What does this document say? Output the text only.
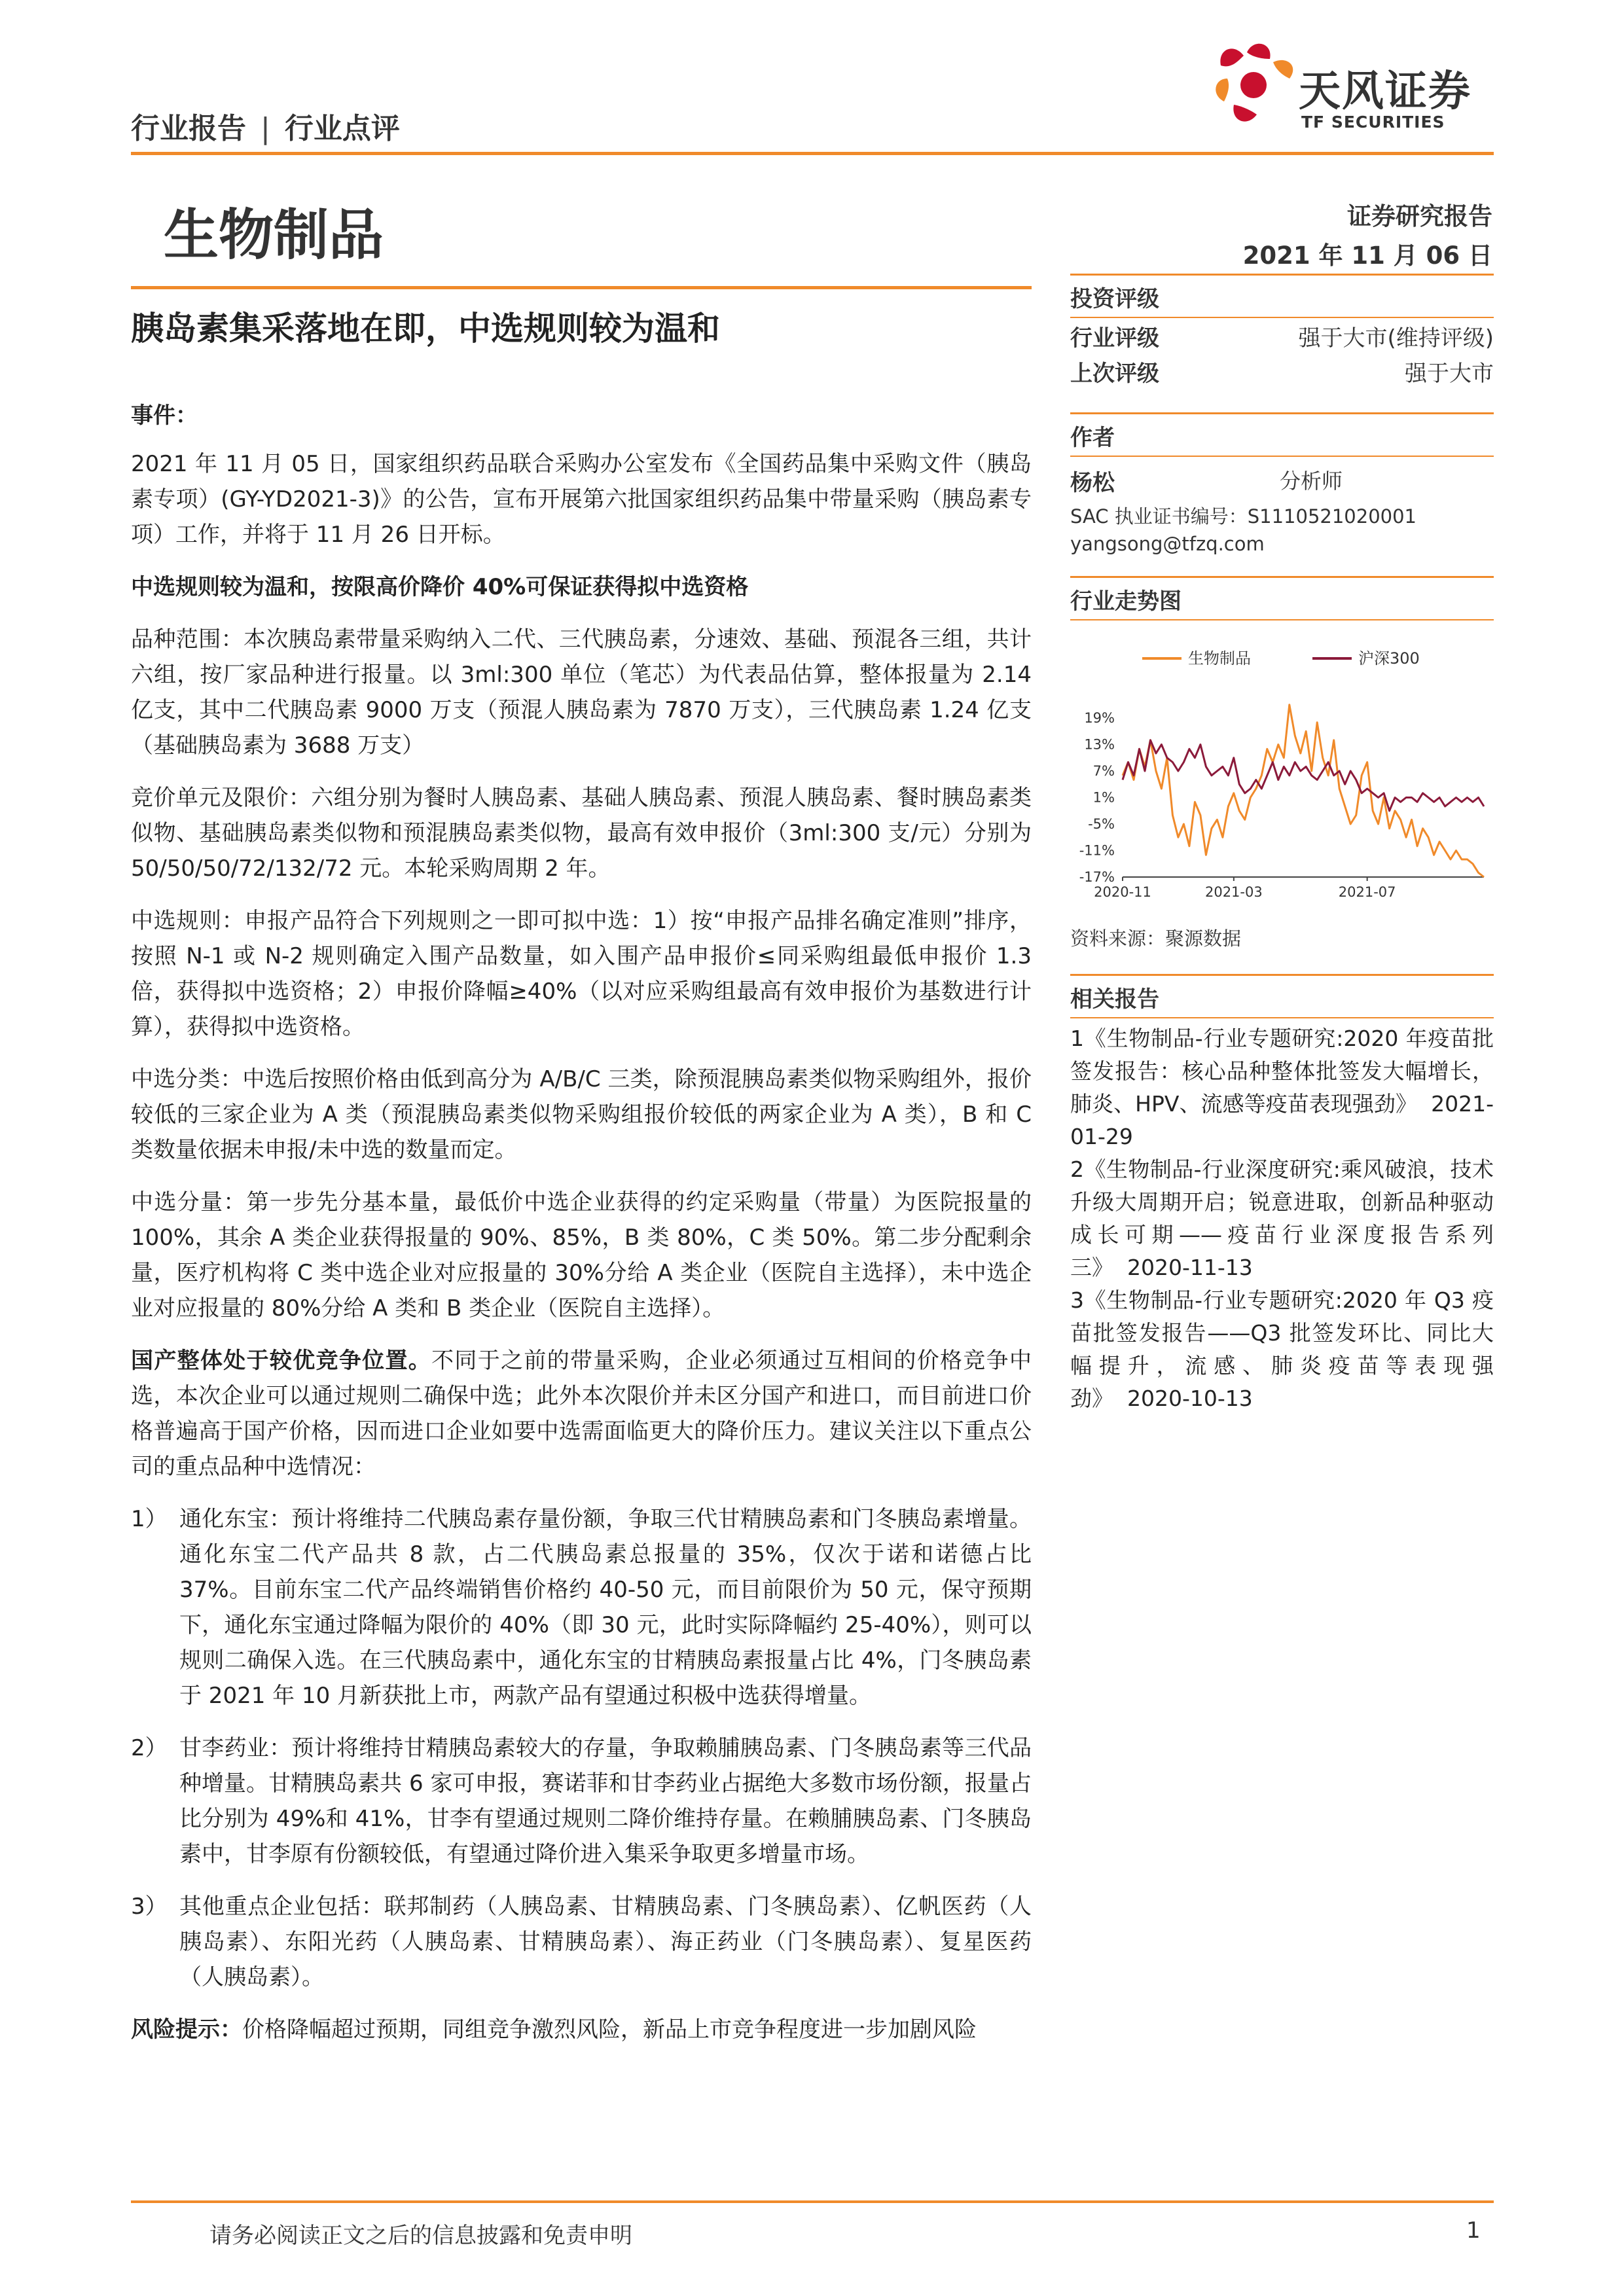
行业报告 | 行业点评
天风证券
TF SECURITIES
生物制品	证券研究报告
2021 年 11 月 06 日
胰岛素集采落地在即，中选规则较为温和

事件：

2021 年 11 月 05 日，国家组织药品联合采购办公室发布《全国药品集中采购文件（胰岛素专项）(GY-YD2021-3)》的公告，宣布开展第六批国家组织药品集中带量采购（胰岛素专项）工作，并将于 11 月 26 日开标。

中选规则较为温和，按限高价降价 40%可保证获得拟中选资格

品种范围：本次胰岛素带量采购纳入二代、三代胰岛素，分速效、基础、预混各三组，共计六组，按厂家品种进行报量。以 3ml:300 单位（笔芯）为代表品估算，整体报量为 2.14 亿支，其中二代胰岛素 9000 万支（预混人胰岛素为 7870 万支），三代胰岛素 1.24 亿支（基础胰岛素为 3688 万支）

竞价单元及限价：六组分别为餐时人胰岛素、基础人胰岛素、预混人胰岛素、餐时胰岛素类似物、基础胰岛素类似物和预混胰岛素类似物，最高有效申报价（3ml:300 支/元）分别为 50/50/50/72/132/72 元。本轮采购周期 2 年。

中选规则：申报产品符合下列规则之一即可拟中选：1）按“申报产品排名确定准则”排序，按照 N-1 或 N-2 规则确定入围产品数量，如入围产品申报价≤同采购组最低申报价 1.3 倍，获得拟中选资格；2）申报价降幅≥40%（以对应采购组最高有效申报价为基数进行计算），获得拟中选资格。

中选分类：中选后按照价格由低到高分为 A/B/C 三类，除预混胰岛素类似物采购组外，报价较低的三家企业为 A 类（预混胰岛素类似物采购组报价较低的两家企业为 A 类），B 和 C 类数量依据未申报/未中选的数量而定。

中选分量：第一步先分基本量，最低价中选企业获得的约定采购量（带量）为医院报量的 100%，其余 A 类企业获得报量的 90%、85%，B 类 80%，C 类 50%。第二步分配剩余量，医疗机构将 C 类中选企业对应报量的 30%分给 A 类企业（医院自主选择），未中选企业对应报量的 80%分给 A 类和 B 类企业（医院自主选择）。

国产整体处于较优竞争位置。不同于之前的带量采购，企业必须通过互相间的价格竞争中选，本次企业可以通过规则二确保中选；此外本次限价并未区分国产和进口，而目前进口价格普遍高于国产价格，因而进口企业如要中选需面临更大的降价压力。建议关注以下重点公司的重点品种中选情况：

1） 通化东宝：预计将维持二代胰岛素存量份额，争取三代甘精胰岛素和门冬胰岛素增量。通化东宝二代产品共 8 款，占二代胰岛素总报量的 35%，仅次于诺和诺德占比 37%。目前东宝二代产品终端销售价格约 40-50 元，而目前限价为 50 元，保守预期下，通化东宝通过降幅为限价的 40%（即 30 元，此时实际降幅约 25-40%），则可以规则二确保入选。在三代胰岛素中，通化东宝的甘精胰岛素报量占比 4%，门冬胰岛素于 2021 年 10 月新获批上市，两款产品有望通过积极中选获得增量。
2） 甘李药业：预计将维持甘精胰岛素较大的存量，争取赖脯胰岛素、门冬胰岛素等三代品种增量。甘精胰岛素共 6 家可申报，赛诺菲和甘李药业占据绝大多数市场份额，报量占比分别为 49%和 41%，甘李有望通过规则二降价维持存量。在赖脯胰岛素、门冬胰岛素中，甘李原有份额较低，有望通过降价进入集采争取更多增量市场。
3） 其他重点企业包括：联邦制药（人胰岛素、甘精胰岛素、门冬胰岛素）、亿帆医药（人胰岛素）、东阳光药（人胰岛素、甘精胰岛素）、海正药业（门冬胰岛素）、复星医药（人胰岛素）。

风险提示：价格降幅超过预期，同组竞争激烈风险，新品上市竞争程度进一步加剧风险

投资评级
行业评级	强于大市(维持评级)
上次评级	强于大市
作者
杨松	分析师
SAC 执业证书编号：S1110521020001
yangsong@tfzq.com
行业走势图
生物制品	沪深300
19%
13%
7%
1%
-5%
-11%
-17%
2020-11	2021-03	2021-07
资料来源：聚源数据
相关报告

1《生物制品-行业专题研究:2020 年疫苗批签发报告：核心品种整体批签发大幅增长，肺炎、HPV、流感等疫苗表现强劲》 2021-01-29

2《生物制品-行业深度研究:乘风破浪，技术升级大周期开启；锐意进取，创新品种驱动成长可期——疫苗行业深度报告系列三》 2020-11-13

3《生物制品-行业专题研究:2020 年 Q3 疫苗批签发报告——Q3 批签发环比、同比大幅提升，流感、肺炎疫苗等表现强劲》 2020-10-13

请务必阅读正文之后的信息披露和免责申明	1
